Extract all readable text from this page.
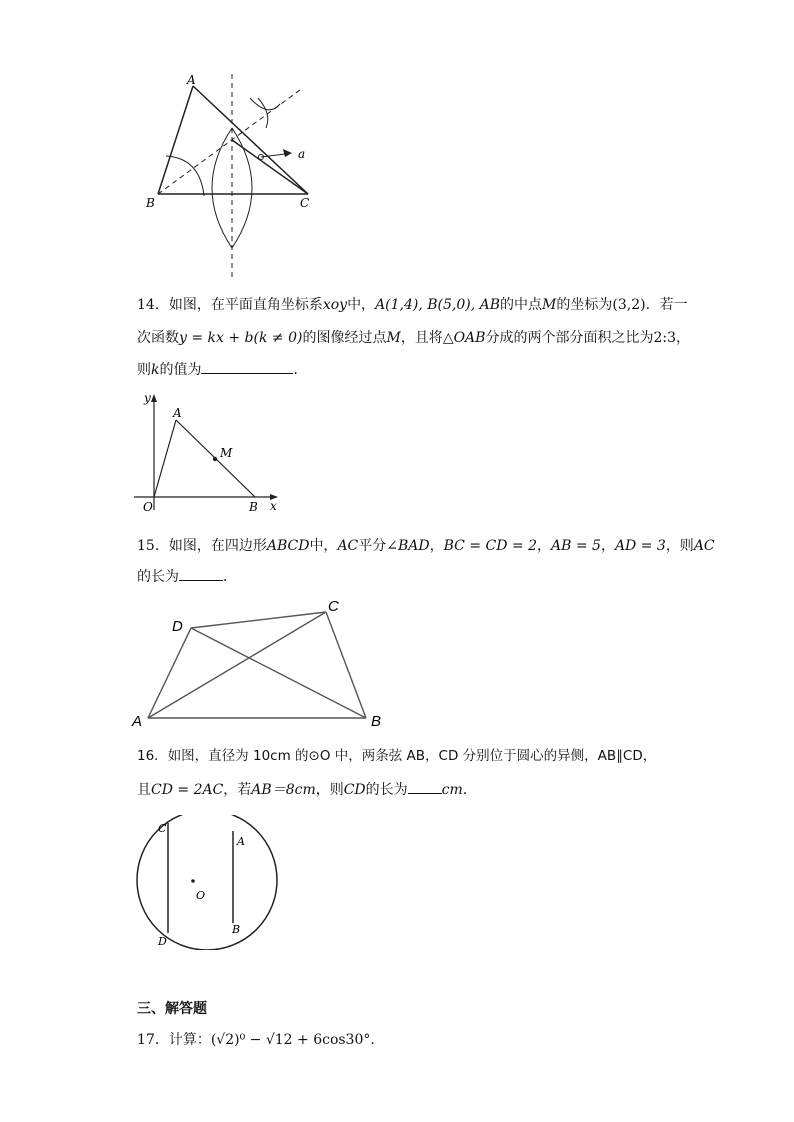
A
B	C
a
14．如图，在平面直角坐标系xoy中，A(1,4), B(5,0), AB的中点M的坐标为(3,2)．若一
次函数y = kx + b(k ≠ 0)的图像经过点M，且将△OAB分成的两个部分面积之比为2:3，
则k的值为	．
y
x
O
A
B
M
15．如图，在四边形ABCD中，AC平分∠BAD，BC = CD = 2，AB = 5，AD = 3，则AC
的长为	．
D
C
A	B
16．如图，直径为 10cm 的⊙O 中，两条弦 AB，CD 分别位于圆心的异侧，AB∥CD，
且CD = 2AC，若AB＝8cm，则CD的长为 cm.
C
A
O
D
B
三、解答题
17．计算：(√2)⁰ − √12 + 6cos30°．
